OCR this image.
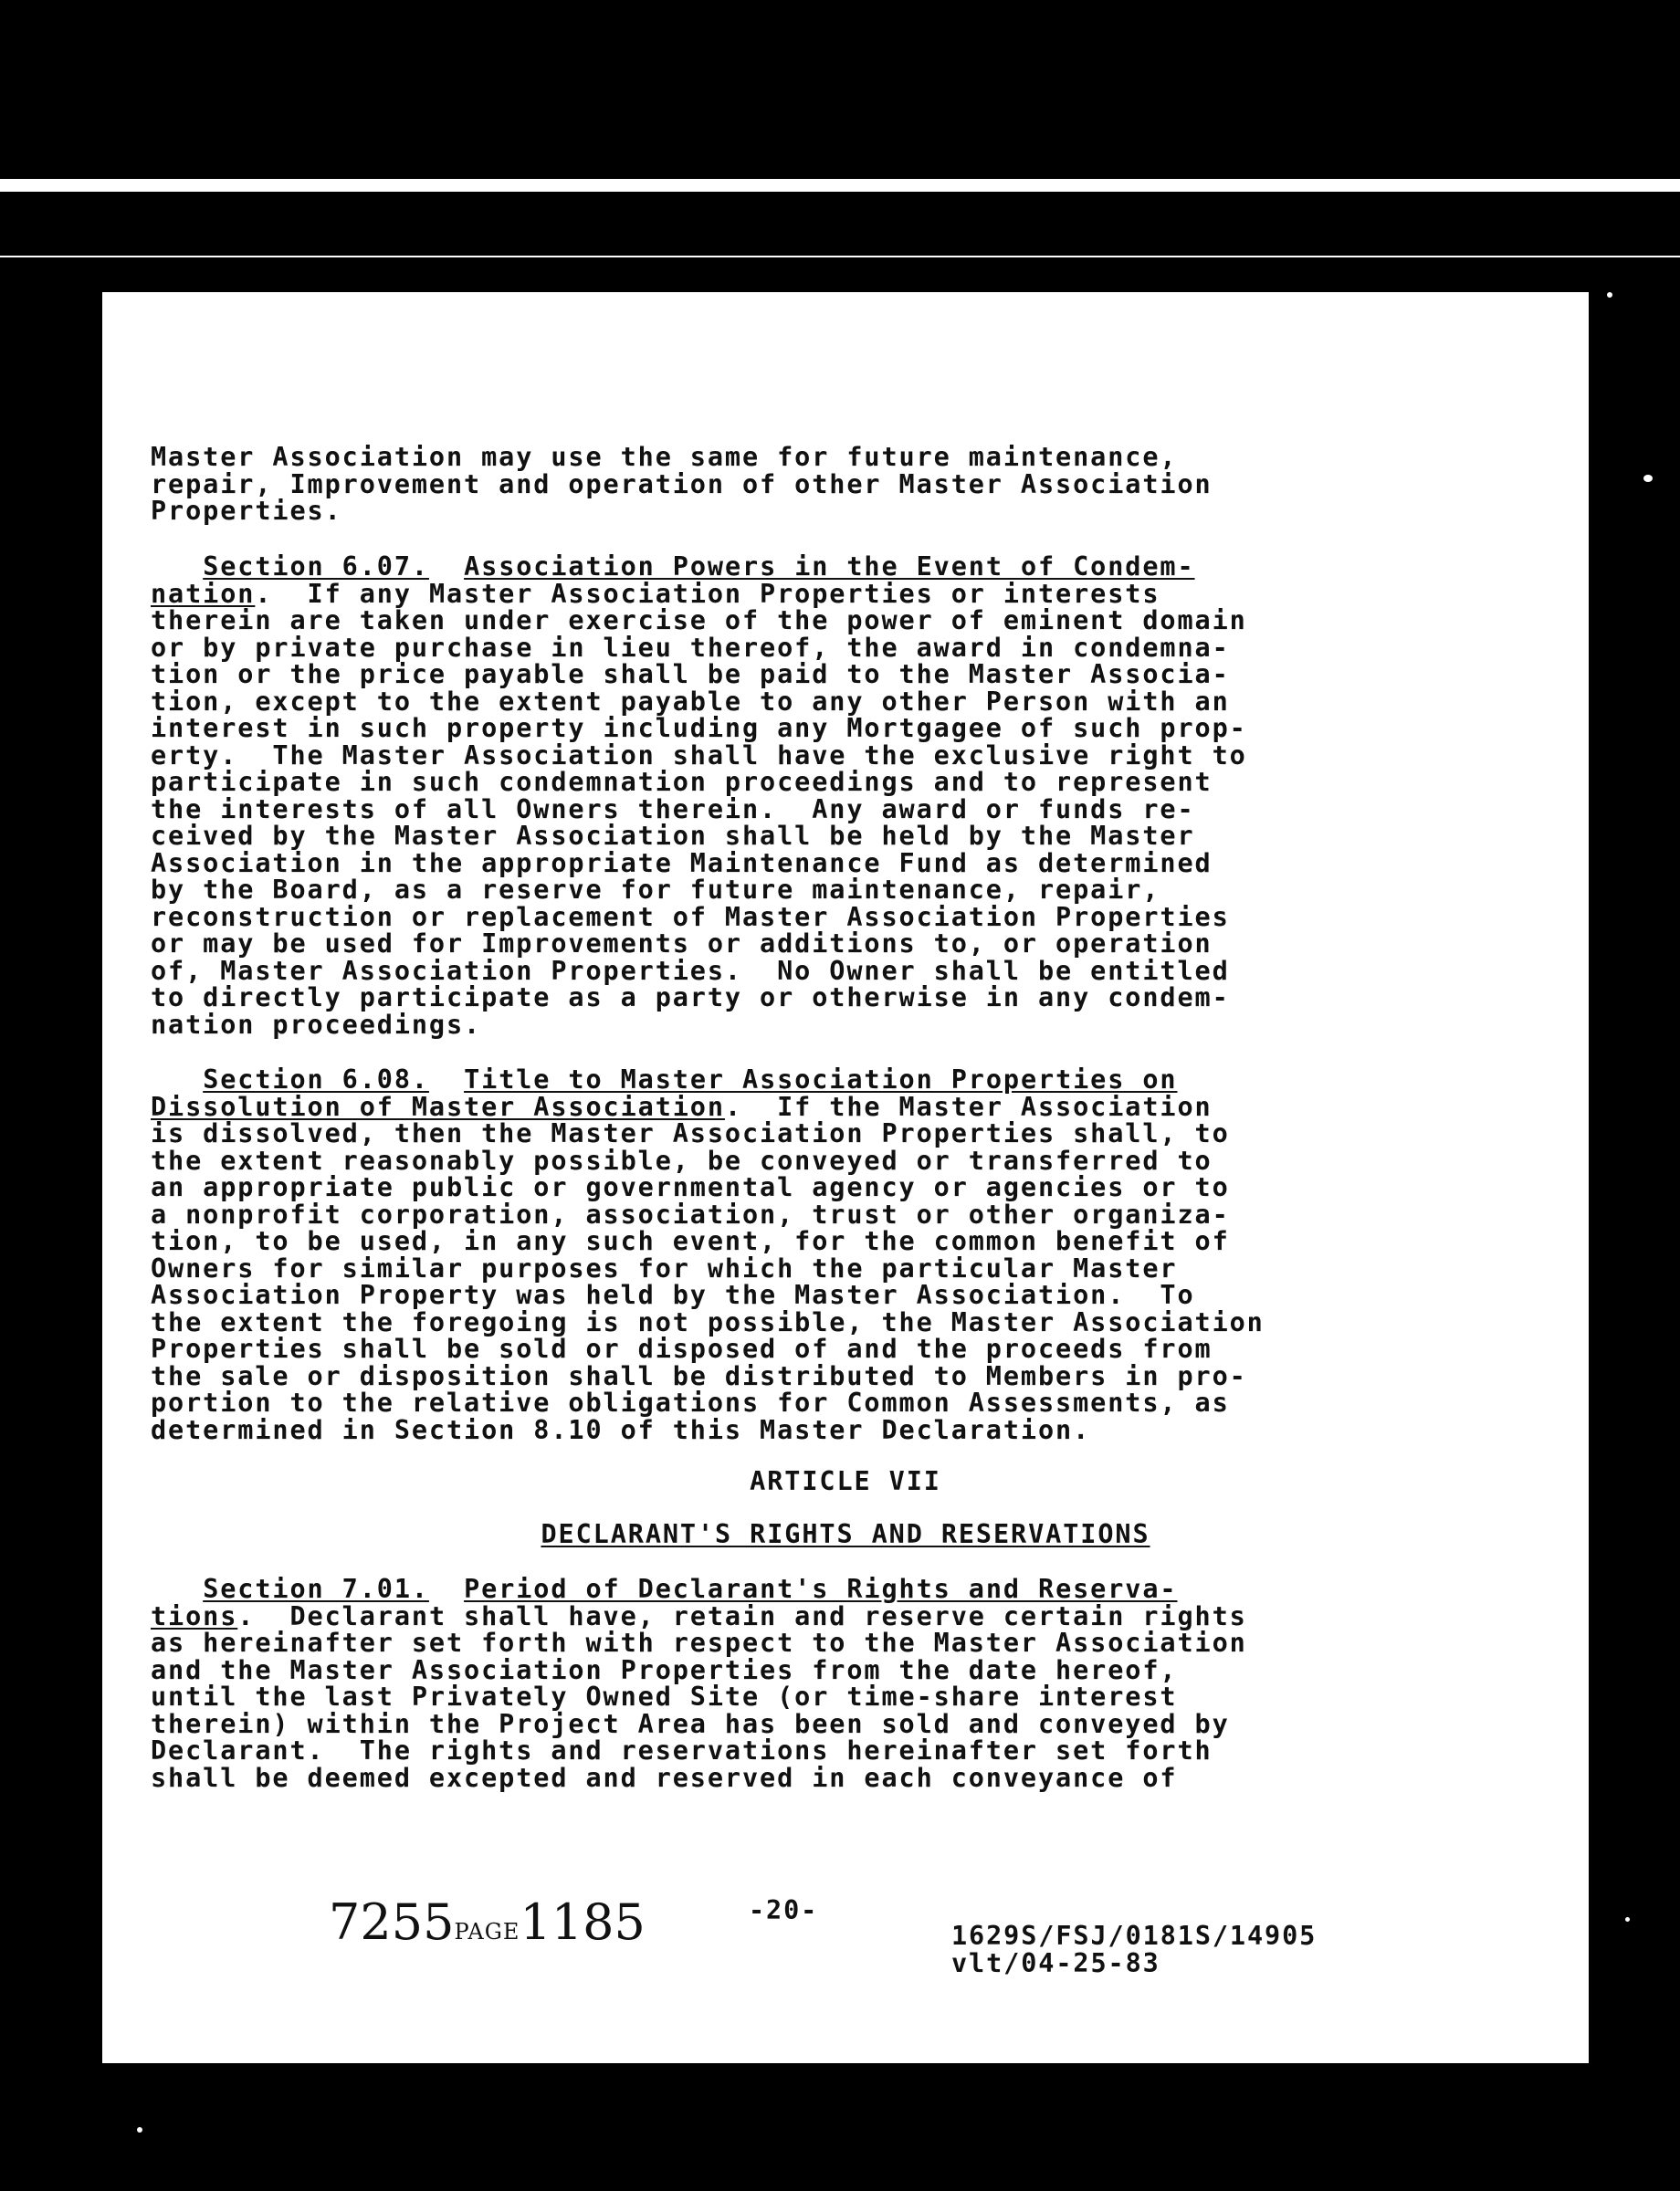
Master Association may use the same for future maintenance,
repair, Improvement and operation of other Master Association
Properties.
Section 6.07. Association Powers in the Event of Condem-
nation.  If any Master Association Properties or interests
therein are taken under exercise of the power of eminent domain
or by private purchase in lieu thereof, the award in condemna-
tion or the price payable shall be paid to the Master Associa-
tion, except to the extent payable to any other Person with an
interest in such property including any Mortgagee of such prop-
erty.  The Master Association shall have the exclusive right to
participate in such condemnation proceedings and to represent
the interests of all Owners therein.  Any award or funds re-
ceived by the Master Association shall be held by the Master
Association in the appropriate Maintenance Fund as determined
by the Board, as a reserve for future maintenance, repair,
reconstruction or replacement of Master Association Properties
or may be used for Improvements or additions to, or operation
of, Master Association Properties.  No Owner shall be entitled
to directly participate as a party or otherwise in any condem-
nation proceedings.
Section 6.08. Title to Master Association Properties on
Dissolution of Master Association.  If the Master Association
is dissolved, then the Master Association Properties shall, to
the extent reasonably possible, be conveyed or transferred to
an appropriate public or governmental agency or agencies or to
a nonprofit corporation, association, trust or other organiza-
tion, to be used, in any such event, for the common benefit of
Owners for similar purposes for which the particular Master
Association Property was held by the Master Association.  To
the extent the foregoing is not possible, the Master Association
Properties shall be sold or disposed of and the proceeds from
the sale or disposition shall be distributed to Members in pro-
portion to the relative obligations for Common Assessments, as
determined in Section 8.10 of this Master Declaration.
ARTICLE VII
DECLARANT'S RIGHTS AND RESERVATIONS
Section 7.01. Period of Declarant's Rights and Reserva-
tions.  Declarant shall have, retain and reserve certain rights
as hereinafter set forth with respect to the Master Association
and the Master Association Properties from the date hereof,
until the last Privately Owned Site (or time-share interest
therein) within the Project Area has been sold and conveyed by
Declarant.  The rights and reservations hereinafter set forth
shall be deemed excepted and reserved in each conveyance of
7255PAGE1185	-20-
1629S/FSJ/0181S/14905
vlt/04-25-83
